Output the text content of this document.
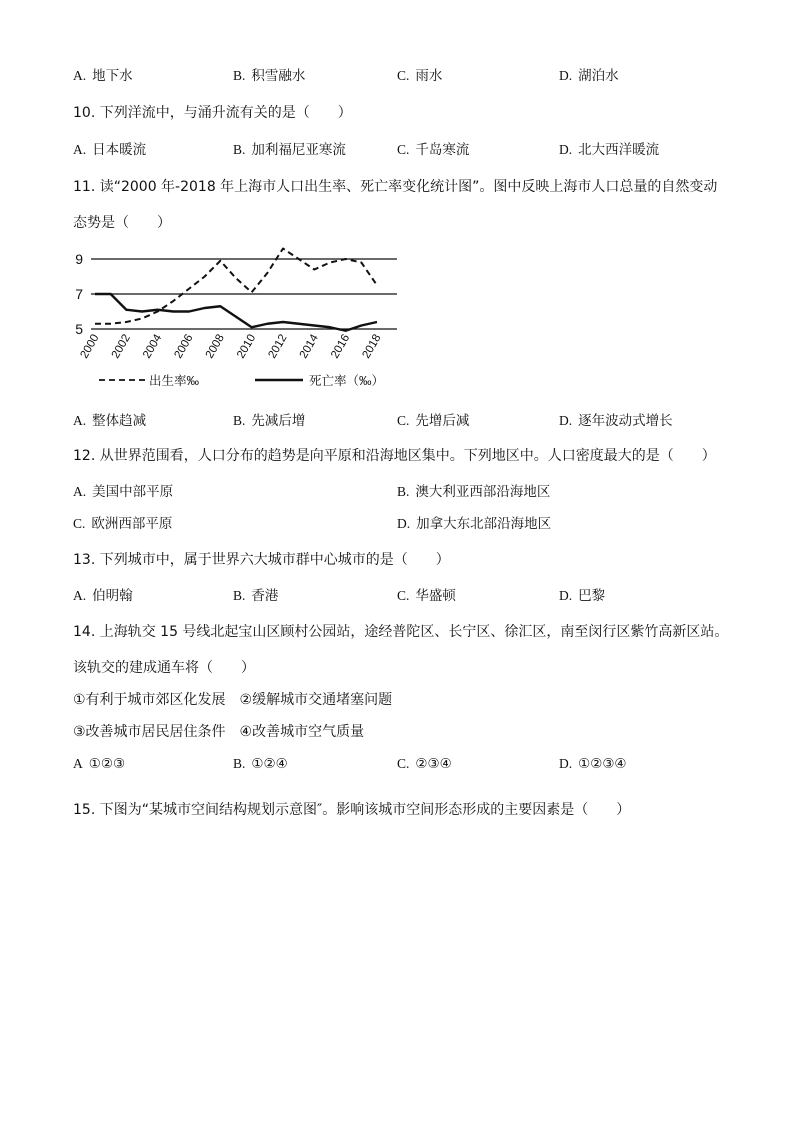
A. 地下水	B. 积雪融水	C. 雨水	D. 湖泊水
10. 下列洋流中，与涌升流有关的是（　　）
A. 日本暖流	B. 加利福尼亚寒流	C. 千岛寒流	D. 北大西洋暖流
11. 读“2000 年-2018 年上海市人口出生率、死亡率变化统计图”。图中反映上海市人口总量的自然变动
态势是（　　）
5
7
9
2000 2002 2004 2006 2008 2010 2012 2014 2016 2018
出生率‰	死亡率（‰）
A. 整体趋减	B. 先减后增	C. 先增后减	D. 逐年波动式增长
12. 从世界范围看，人口分布的趋势是向平原和沿海地区集中。下列地区中。人口密度最大的是（　　）
A. 美国中部平原	B. 澳大利亚西部沿海地区
C. 欧洲西部平原	D. 加拿大东北部沿海地区
13. 下列城市中，属于世界六大城市群中心城市的是（　　）
A. 伯明翰	B. 香港	C. 华盛顿	D. 巴黎
14. 上海轨交 15 号线北起宝山区顾村公园站，途经普陀区、长宁区、徐汇区，南至闵行区紫竹高新区站。
该轨交的建成通车将（　　）
①有利于城市郊区化发展　②缓解城市交通堵塞问题
③改善城市居民居住条件　④改善城市空气质量
A ①②③	B. ①②④	C. ②③④	D. ①②③④
15. 下图为“某城市空间结构规划示意图″。影响该城市空间形态形成的主要因素是（　　）
